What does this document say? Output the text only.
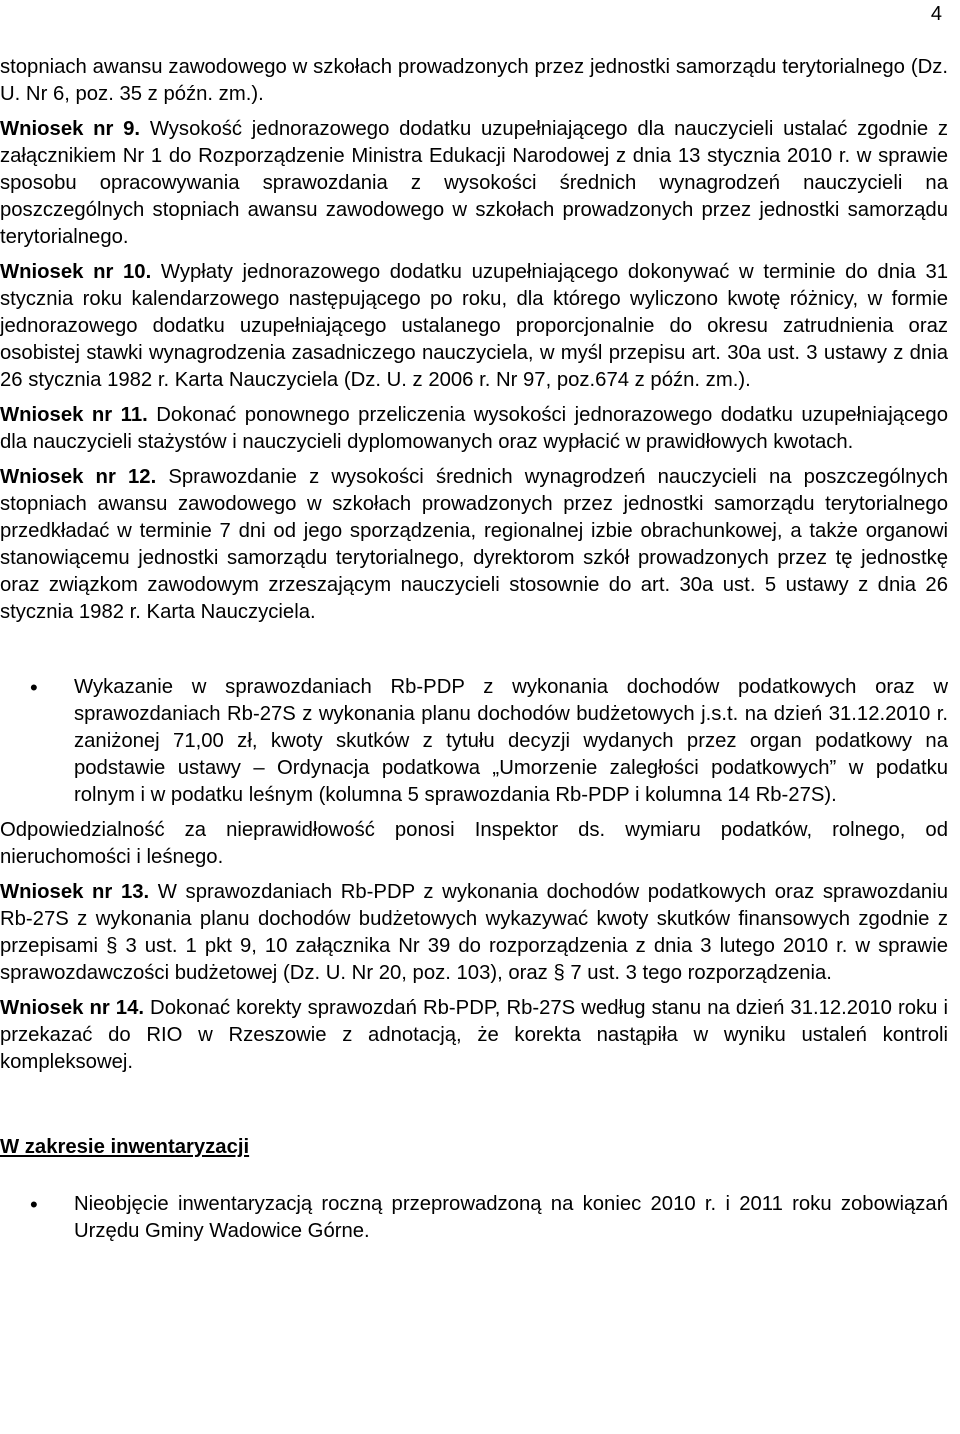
4

stopniach awansu zawodowego w szkołach prowadzonych przez jednostki samorządu terytorialnego (Dz. U. Nr 6, poz. 35 z późn. zm.).

Wniosek nr 9. Wysokość jednorazowego dodatku uzupełniającego dla nauczycieli ustalać zgodnie z załącznikiem Nr 1 do Rozporządzenie Ministra Edukacji Narodowej z dnia 13 stycznia 2010 r. w sprawie sposobu opracowywania sprawozdania z wysokości średnich wynagrodzeń nauczycieli na poszczególnych stopniach awansu zawodowego w szkołach prowadzonych przez jednostki samorządu terytorialnego.

Wniosek nr 10. Wypłaty jednorazowego dodatku uzupełniającego dokonywać w terminie do dnia 31 stycznia roku kalendarzowego następującego po roku, dla którego wyliczono kwotę różnicy, w formie jednorazowego dodatku uzupełniającego ustalanego proporcjonalnie do okresu zatrudnienia oraz osobistej stawki wynagrodzenia zasadniczego nauczyciela, w myśl przepisu art. 30a ust. 3 ustawy z dnia 26 stycznia 1982 r. Karta Nauczyciela (Dz. U. z 2006 r. Nr 97, poz.674 z późn. zm.).

Wniosek nr 11. Dokonać ponownego przeliczenia wysokości jednorazowego dodatku uzupełniającego dla nauczycieli stażystów i nauczycieli dyplomowanych oraz wypłacić w prawidłowych kwotach.

Wniosek nr 12. Sprawozdanie z wysokości średnich wynagrodzeń nauczycieli na poszczególnych stopniach awansu zawodowego w szkołach prowadzonych przez jednostki samorządu terytorialnego przedkładać w terminie 7 dni od jego sporządzenia, regionalnej izbie obrachunkowej, a także organowi stanowiącemu jednostki samorządu terytorialnego, dyrektorom szkół prowadzonych przez tę jednostkę oraz związkom zawodowym zrzeszającym nauczycieli stosownie do art. 30a ust. 5 ustawy z dnia 26 stycznia 1982 r. Karta Nauczyciela.

• Wykazanie w sprawozdaniach Rb-PDP z wykonania dochodów podatkowych oraz w sprawozdaniach Rb-27S z wykonania planu dochodów budżetowych j.s.t. na dzień 31.12.2010 r. zaniżonej 71,00 zł, kwoty skutków z tytułu decyzji wydanych przez organ podatkowy na podstawie ustawy – Ordynacja podatkowa „Umorzenie zaległości podatkowych” w podatku rolnym i w podatku leśnym (kolumna 5 sprawozdania Rb-PDP i kolumna 14 Rb-27S).

Odpowiedzialność za nieprawidłowość ponosi Inspektor ds. wymiaru podatków, rolnego, od nieruchomości i leśnego.

Wniosek nr 13. W sprawozdaniach Rb-PDP z wykonania dochodów podatkowych oraz sprawozdaniu Rb-27S z wykonania planu dochodów budżetowych wykazywać kwoty skutków finansowych zgodnie z przepisami § 3 ust. 1 pkt 9, 10 załącznika Nr 39 do rozporządzenia z dnia 3 lutego 2010 r. w sprawie sprawozdawczości budżetowej (Dz. U. Nr 20, poz. 103), oraz § 7 ust. 3 tego rozporządzenia.

Wniosek nr 14. Dokonać korekty sprawozdań Rb-PDP, Rb-27S według stanu na dzień 31.12.2010 roku i przekazać do RIO w Rzeszowie z adnotacją, że korekta nastąpiła w wyniku ustaleń kontroli kompleksowej.

W zakresie inwentaryzacji

• Nieobjęcie inwentaryzacją roczną przeprowadzoną na koniec 2010 r. i 2011 roku zobowiązań Urzędu Gminy Wadowice Górne.
